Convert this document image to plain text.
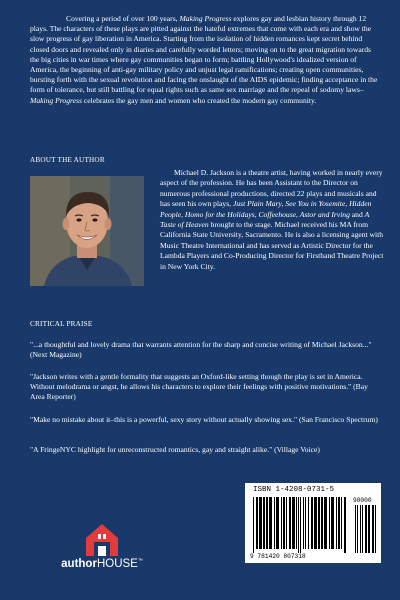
Covering a period of over 100 years, Making Progress explores gay and lesbian history through 12 plays. The characters of these plays are pitted against the hateful extremes that come with each era and show the slow progress of gay liberation in America. Starting from the isolation of hidden romances kept secret behind closed doors and revealed only in diaries and carefully worded letters; moving on to the great migration towards the big cities in war times where gay communities began to form; battling Hollywood's idealized version of America, the beginning of anti-gay military policy and unjust legal ramifications; creating open communities, bursting forth with the sexual revolution and facing the onslaught of the AIDS epidemic; finding acceptance in the form of tolerance, but still battling for equal rights such as same sex marriage and the repeal of sodomy laws–Making Progress celebrates the gay men and women who created the modern gay community.
ABOUT THE AUTHOR
Michael D. Jackson is a theatre artist, having worked in nearly every aspect of the profession. He has been Assistant to the Director on numerous professional productions, directed 22 plays and musicals and has seen his own plays, Just Plain Mary, See You in Yosemite, Hidden People, Homo for the Holidays, Coffeehouse, Astor and Irving and A Taste of Heaven brought to the stage. Michael received his MA from California State University, Sacramento. He is also a licensing agent with Music Theatre International and has served as Artistic Director for the Lambda Players and Co-Producing Director for Firsthand Theatre Project in New York City.
CRITICAL PRAISE
"...a thoughtful and lovely drama that warrants attention for the sharp and concise writing of Michael Jackson..." (Next Magazine)
"Jackson writes with a gentle formality that suggests an Oxford-like setting though the play is set in America. Without melodrama or angst, he allows his characters to explore their feelings with positive motivations." (Bay Area Reporter)
"Make no mistake about it–this is a powerful, sexy story without actually showing sex." (San Francisco Spectrum)
"A FringeNYC highlight for unreconstructed romantics, gay and straight alike." (Village Voice)
authorHOUSE™
ISBN 1-4208-0731-5
9 781420 807318
90000
